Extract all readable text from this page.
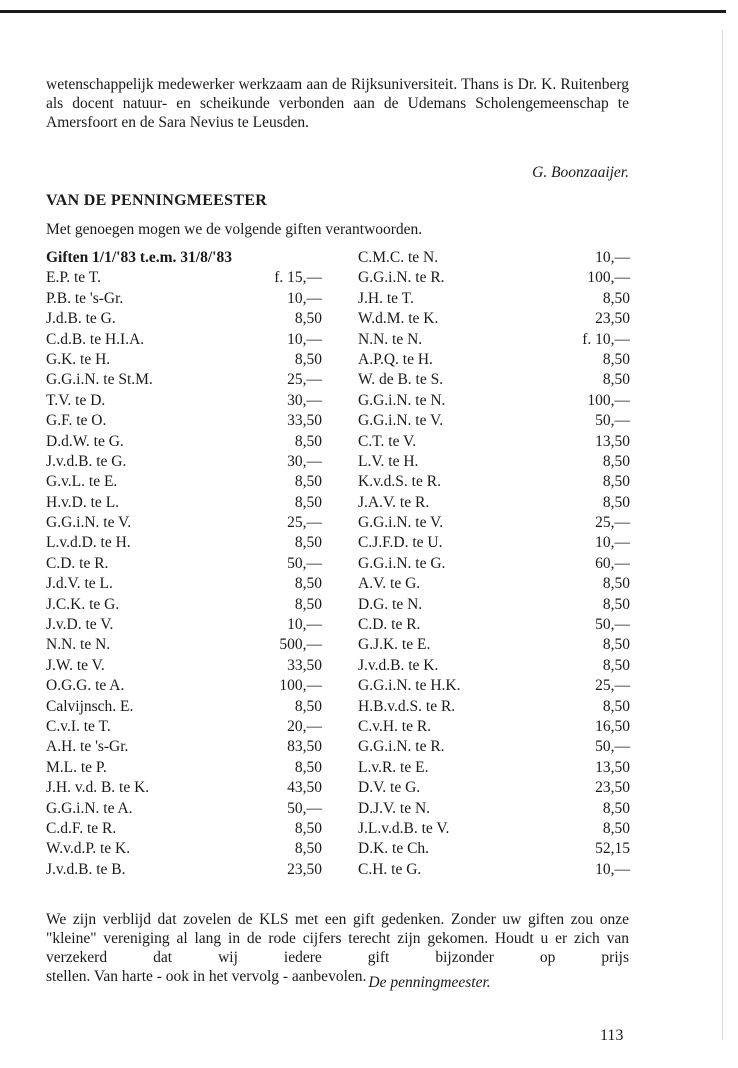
wetenschappelijk medewerker werkzaam aan de Rijksuniversiteit. Thans is Dr. K. Ruitenberg als docent natuur- en scheikunde verbonden aan de Udemans Scholengemeenschap te Amersfoort en de Sara Nevius te Leusden.
G. Boonzaaijer.
VAN DE PENNINGMEESTER
Met genoegen mogen we de volgende giften verantwoorden.
Giften 1/1/'83 t.e.m. 31/8/'83
E.P. te T.	f. 15,—
P.B. te 's-Gr.	10,—
J.d.B. te G.	8,50
C.d.B. te H.I.A.	10,—
G.K. te H.	8,50
G.G.i.N. te St.M.	25,—
T.V. te D.	30,—
G.F. te O.	33,50
D.d.W. te G.	8,50
J.v.d.B. te G.	30,—
G.v.L. te E.	8,50
H.v.D. te L.	8,50
G.G.i.N. te V.	25,—
L.v.d.D. te H.	8,50
C.D. te R.	50,—
J.d.V. te L.	8,50
J.C.K. te G.	8,50
J.v.D. te V.	10,—
N.N. te N.	500,—
J.W. te V.	33,50
O.G.G. te A.	100,—
Calvijnsch. E.	8,50
C.v.I. te T.	20,—
A.H. te 's-Gr.	83,50
M.L. te P.	8,50
J.H. v.d. B. te K.	43,50
G.G.i.N. te A.	50,—
C.d.F. te R.	8,50
W.v.d.P. te K.	8,50
J.v.d.B. te B.	23,50
C.M.C. te N.	10,—
G.G.i.N. te R.	100,—
J.H. te T.	8,50
W.d.M. te K.	23,50
N.N. te N.	f. 10,—
A.P.Q. te H.	8,50
W. de B. te S.	8,50
G.G.i.N. te N.	100,—
G.G.i.N. te V.	50,—
C.T. te V.	13,50
L.V. te H.	8,50
K.v.d.S. te R.	8,50
J.A.V. te R.	8,50
G.G.i.N. te V.	25,—
C.J.F.D. te U.	10,—
G.G.i.N. te G.	60,—
A.V. te G.	8,50
D.G. te N.	8,50
C.D. te R.	50,—
G.J.K. te E.	8,50
J.v.d.B. te K.	8,50
G.G.i.N. te H.K.	25,—
H.B.v.d.S. te R.	8,50
C.v.H. te R.	16,50
G.G.i.N. te R.	50,—
L.v.R. te E.	13,50
D.V. te G.	23,50
D.J.V. te N.	8,50
J.L.v.d.B. te V.	8,50
D.K. te Ch.	52,15
C.H. te G.	10,—
We zijn verblijd dat zovelen de KLS met een gift gedenken. Zonder uw giften zou onze "kleine" vereniging al lang in de rode cijfers terecht zijn gekomen. Houdt u er zich van verzekerd dat wij iedere gift bijzonder op prijs stellen. Van harte - ook in het vervolg - aanbevolen. De penningmeester.
113
